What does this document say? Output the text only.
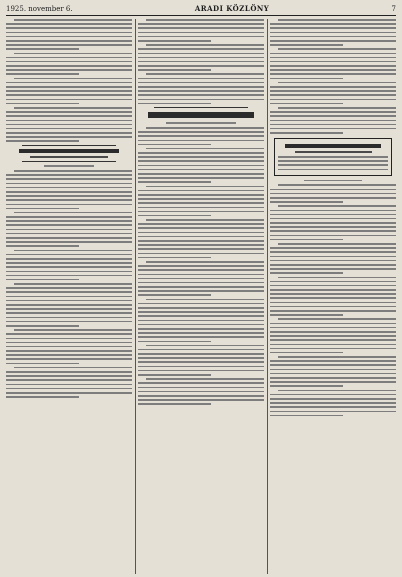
1925. november 6.	ARADI KÖZLÖNY	7
